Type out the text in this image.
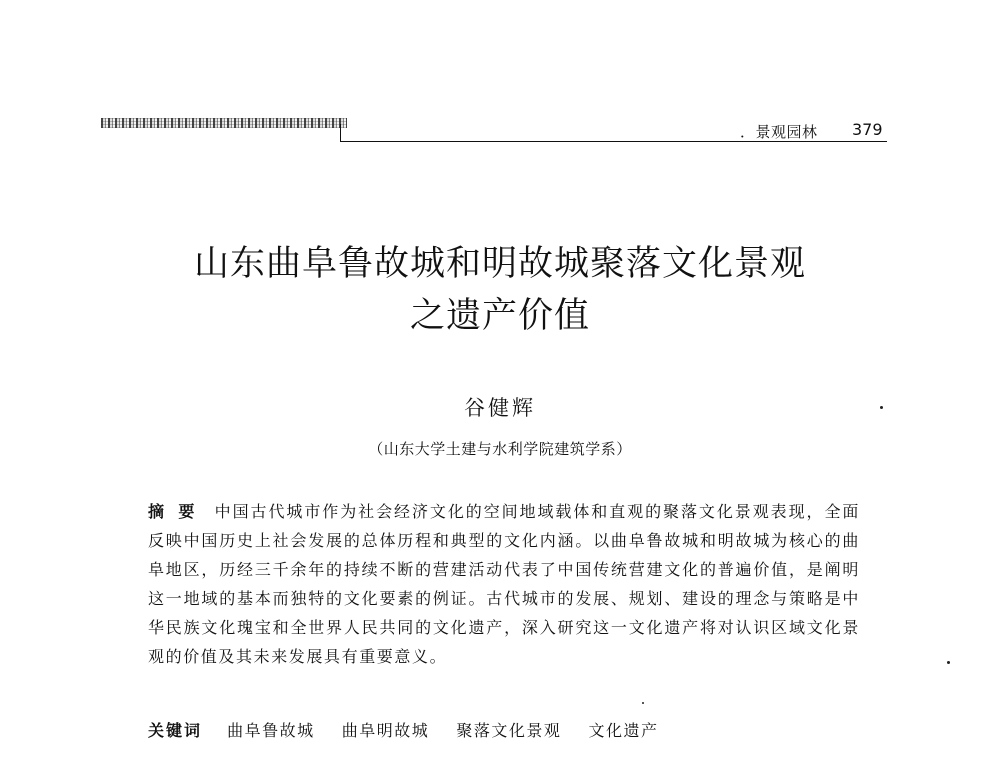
．景观园林 379
山东曲阜鲁故城和明故城聚落文化景观
之遗产价值
谷健辉
（山东大学土建与水利学院建筑学系）
摘要 中国古代城市作为社会经济文化的空间地域载体和直观的聚落文化景观表现，全面反映中国历史上社会发展的总体历程和典型的文化内涵。以曲阜鲁故城和明故城为核心的曲阜地区，历经三千余年的持续不断的营建活动代表了中国传统营建文化的普遍价值，是阐明这一地域的基本而独特的文化要素的例证。古代城市的发展、规划、建设的理念与策略是中华民族文化瑰宝和全世界人民共同的文化遗产，深入研究这一文化遗产将对认识区域文化景观的价值及其未来发展具有重要意义。
关键词 曲阜鲁故城 曲阜明故城 聚落文化景观 文化遗产
